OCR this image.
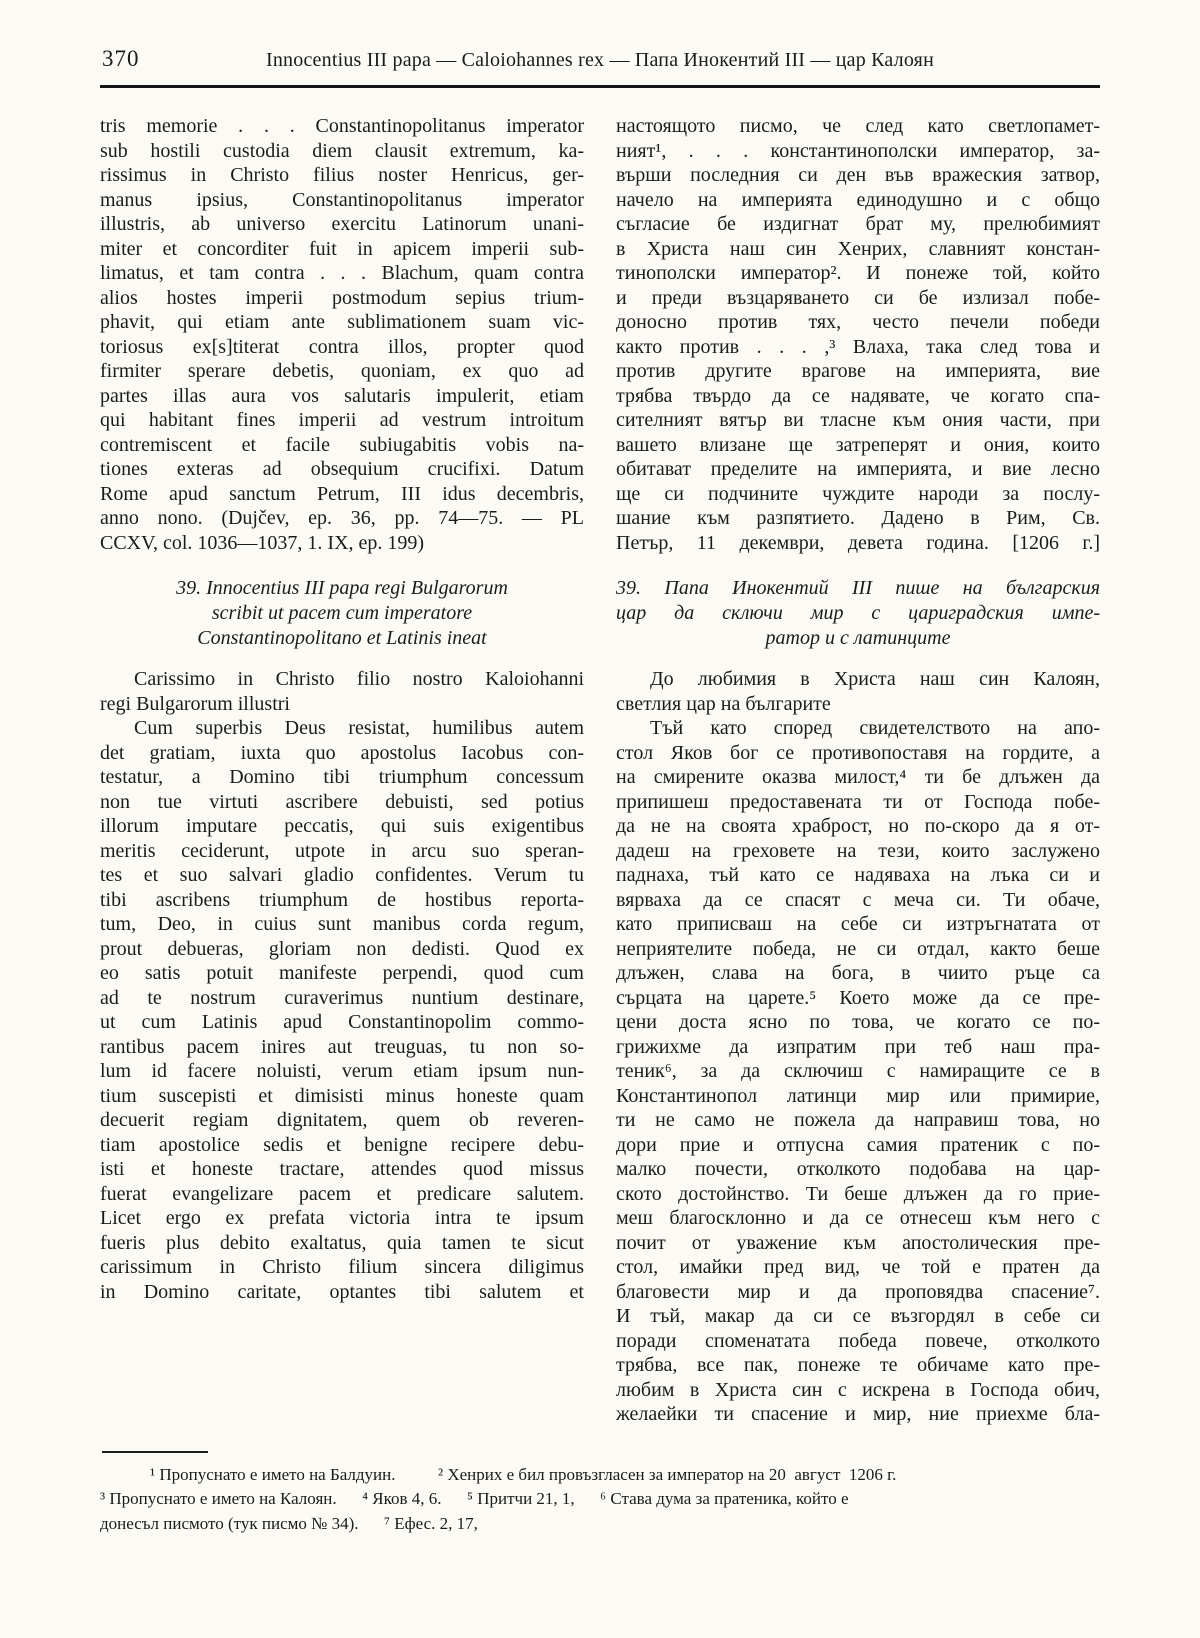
370	Innocentius III papa — Caloiohannes rex — Папа Инокентий III — цар Калоян
tris memorie . . . Constantinopolitanus imperator
sub hostili custodia diem clausit extremum, ka-
rissimus in Christo filius noster Henricus, ger-
manus ipsius, Constantinopolitanus imperator
illustris, ab universo exercitu Latinorum unani-
miter et concorditer fuit in apicem imperii sub-
limatus, et tam contra . . . Blachum, quam contra
alios hostes imperii postmodum sepius trium-
phavit, qui etiam ante sublimationem suam vic-
toriosus ex[s]titerat contra illos, propter quod
firmiter sperare debetis, quoniam, ex quo ad
partes illas aura vos salutaris impulerit, etiam
qui habitant fines imperii ad vestrum introitum
contremiscent et facile subiugabitis vobis na-
tiones exteras ad obsequium crucifixi. Datum
Rome apud sanctum Petrum, III idus decembris,
anno nono. (Dujčev, ep. 36, pp. 74—75. — PL
CCXV, col. 1036—1037, 1. IX, ep. 199)
39. Innocentius III papa regi Bulgarorum
scribit ut pacem cum imperatore
Constantinopolitano et Latinis ineat
Carissimo in Christo filio nostro Kaloiohanni
regi Bulgarorum illustri
Cum superbis Deus resistat, humilibus autem
det gratiam, iuxta quo apostolus Iacobus con-
testatur, a Domino tibi triumphum concessum
non tue virtuti ascribere debuisti, sed potius
illorum imputare peccatis, qui suis exigentibus
meritis ceciderunt, utpote in arcu suo speran-
tes et suo salvari gladio confidentes. Verum tu
tibi ascribens triumphum de hostibus reporta-
tum, Deo, in cuius sunt manibus corda regum,
prout debueras, gloriam non dedisti. Quod ex
eo satis potuit manifeste perpendi, quod cum
ad te nostrum curaverimus nuntium destinare,
ut cum Latinis apud Constantinopolim commo-
rantibus pacem inires aut treuguas, tu non so-
lum id facere noluisti, verum etiam ipsum nun-
tium suscepisti et dimisisti minus honeste quam
decuerit regiam dignitatem, quem ob reveren-
tiam apostolice sedis et benigne recipere debu-
isti et honeste tractare, attendes quod missus
fuerat evangelizare pacem et predicare salutem.
Licet ergo ex prefata victoria intra te ipsum
fueris plus debito exaltatus, quia tamen te sicut
carissimum in Christo filium sincera diligimus
in Domino caritate, optantes tibi salutem et
настоящото писмо, че след като светлопамет-
ният¹, . . . константинополски император, за-
върши последния си ден във вражеския затвор,
начело на империята единодушно и с общо
съгласие бе издигнат брат му, прелюбимият
в Христа наш син Хенрих, славният констан-
тинополски император². И понеже той, който
и преди възцаряването си бе излизал побе-
доносно против тях, често печели победи
както против . . . ,³ Влаха, така след това и
против другите врагове на империята, вие
трябва твърдо да се надявате, че когато спа-
сителният вятър ви тласне към ония части, при
вашето влизане ще затреперят и ония, които
обитават пределите на империята, и вие лесно
ще си подчините чуждите народи за послу-
шание към разпятието. Дадено в Рим, Св.
Петър, 11 декември, девета година. [1206 г.]
39. Папа Инокентий III пише на българския
цар да сключи мир с цариградския импе-
ратор и с латинците
До любимия в Христа наш син Калоян,
светлия цар на българите
Тъй като според свидетелството на апо-
стол Яков бог се противопоставя на гордите, а
на смирените оказва милост,⁴ ти бе длъжен да
припишеш предоставената ти от Господа побе-
да не на своята храброст, но по-скоро да я от-
дадеш на греховете на тези, които заслужено
паднаха, тъй като се надяваха на лъка си и
вярваха да се спасят с меча си. Ти обаче,
като приписваш на себе си изтръгнатата от
неприятелите победа, не си отдал, както беше
длъжен, слава на бога, в чиито ръце са
сърцата на царете.⁵ Което може да се пре-
цени доста ясно по това, че когато се по-
грижихме да изпратим при теб наш пра-
теник⁶, за да сключиш с намиращите се в
Константинопол латинци мир или примирие,
ти не само не пожела да направиш това, но
дори прие и отпусна самия пратеник с по-
малко почести, отколкото подобава на цар-
ското достойнство. Ти беше длъжен да го прие-
меш благосклонно и да се отнесеш към него с
почит от уважение към апостолическия пре-
стол, имайки пред вид, че той е пратен да
благовести мир и да проповядва спасение⁷.
И тъй, макар да си се възгордял в себе си
поради споменатата победа повече, отколкото
трябва, все пак, понеже те обичаме като пре-
любим в Христа син с искрена в Господа обич,
желаейки ти спасение и мир, ние приехме бла-
¹ Пропуснато е името на Балдуин.          ² Хенрих е бил провъзгласен за император на 20  август  1206 г.
³ Пропуснато е името на Калоян.      ⁴ Яков 4, 6.      ⁵ Притчи 21, 1,      ⁶ Става дума за пратеника, който е
донесъл писмото (тук писмо № 34).      ⁷ Ефес. 2, 17,
